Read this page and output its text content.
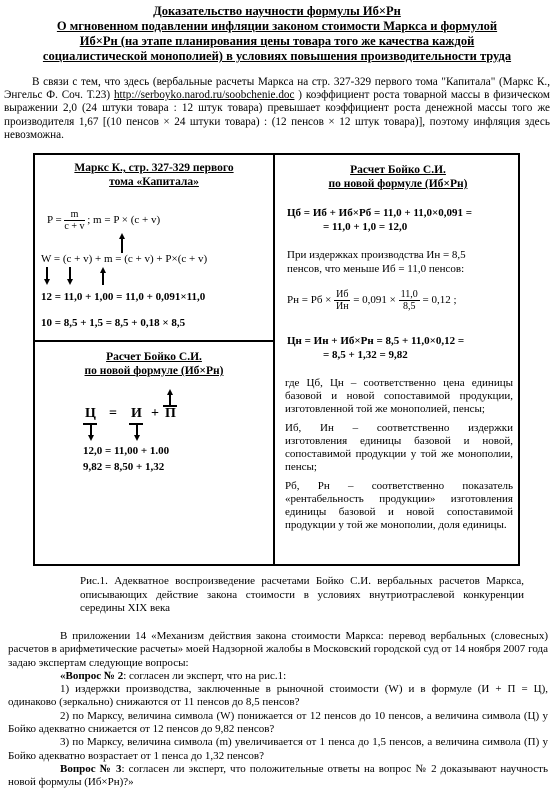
Доказательство научности формулы Иб×Рн
О мгновенном подавлении инфляции законом стоимости Маркса и формулой
Иб×Рн (на этапе планирования цены товара того же качества каждой
социалистической монополией) в условиях повышения производительности труда
В связи с тем, что здесь (вербальные расчеты Маркса на стр. 327-329 первого тома "Капитала" (Маркс К., Энгельс Ф. Соч. Т.23) http://serboyko.narod.ru/soobchenie.doc ) коэффициент роста товарной массы в физическом выражении 2,0 (24 штуки товара : 12 штук товара) превышает коэффициент роста денежной массы того же производителя 1,67 [(10 пенсов × 24 штуки товара) : (12 пенсов × 12 штук товара)], поэтому инфляция здесь невозможна.
Маркс К., стр. 327-329 первого
тома «Капитала»
$P = \frac{m}{c + v}$ ; m = P × (c + v)
W = (c + v) + m = (c + v) + P×(c + v)
12 = 11,0 + 1,00 = 11,0 + 0,091×11,0
10 = 8,5 + 1,5 = 8,5 + 0,18 × 8,5
Расчет Бойко С.И.
по новой формуле (Иб×Рн)
Ц = И + П
12,0 = 11,00 + 1.00
9,82 = 8,50 + 1,32
Расчет Бойко С.И.
по новой формуле (Иб×Рн)
Цб = Иб + Иб×Рб = 11,0 + 11,0×0,091 =
= 11,0 + 1,0 = 12,0
При издержках производства Ин = 8,5
пенсов, что меньше Иб = 11,0 пенсов:
Рн = Рб × Иб
Ин
= $0,091 \times \frac{11,0}{8,5} = 0,12$ ;
Цн = Ин + Иб×Рн = 8,5 + 11,0×0,12 =
= 8,5 + 1,32 = 9,82

где Цб, Цн – соответственно цена единицы базовой и новой сопоставимой продукции, изготовленной той же монополией, пенсы;

Иб, Ин – соответственно издержки изготовления единицы базовой и новой, сопоставимой продукции у той же монополии, пенсы;

Рб, Рн – соответственно показатель «рентабельность продукции» изготовления единицы базовой и новой сопоставимой продукции у той же монополии, доля единицы.

Рис.1. Адекватное воспроизведение расчетами Бойко С.И. вербальных расчетов Маркса, описывающих действие закона стоимости в условиях внутриотраслевой конкуренции середины XIX века

В приложении 14 «Механизм действия закона стоимости Маркса: перевод вербальных (словесных) расчетов в арифметические расчеты» моей Надзорной жалобы в Московский городской суд от 14 ноября 2007 года задаю экспертам следующие вопросы:

«Вопрос № 2: согласен ли эксперт, что на рис.1:

1) издержки производства, заключенные в рыночной стоимости (W) и в формуле (И + П = Ц), одинаково (зеркально) снижаются от 11 пенсов до 8,5 пенсов?

2) по Марксу, величина символа (W) понижается от 12 пенсов до 10 пенсов, а величина символа (Ц) у Бойко адекватно снижается от 12 пенсов до 9,82 пенсов?

3) по Марксу, величина символа (m) увеличивается от 1 пенса до 1,5 пенсов, а величина символа (П) у Бойко адекватно возрастает от 1 пенса до 1,32 пенсов?

Вопрос № 3: согласен ли эксперт, что положительные ответы на вопрос № 2 доказывают научность новой формулы (Иб×Рн)?»
